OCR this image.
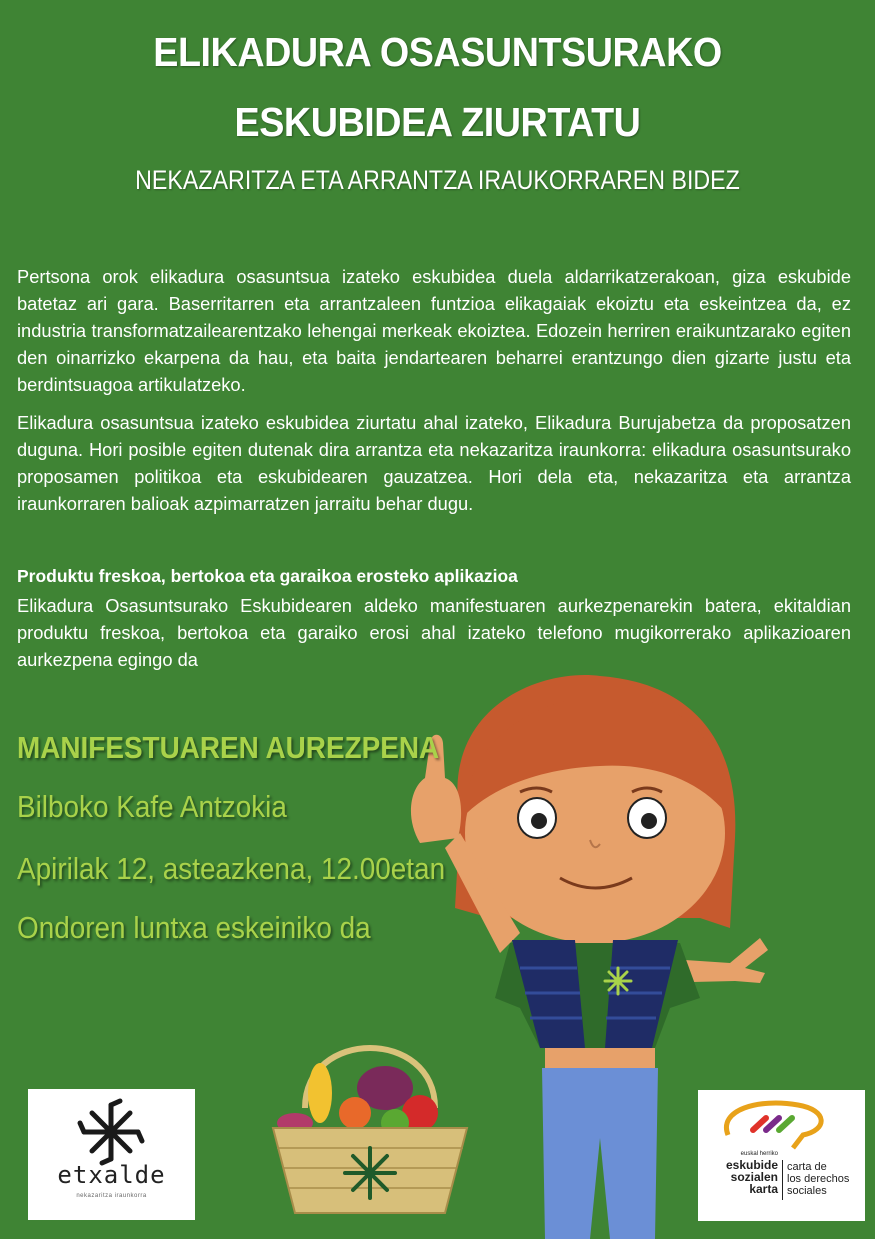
ELIKADURA OSASUNTSURAKO
ESKUBIDEA ZIURTATU
NEKAZARITZA ETA ARRANTZA IRAUKORRAREN BIDEZ
Pertsona orok elikadura osasuntsua izateko eskubidea duela aldarrikatzerakoan, giza eskubide batetaz ari gara. Baserritarren eta arrantzaleen funtzioa elikagaiak ekoiztu eta eskeintzea da, ez industria transformatzailearentzako lehengai merkeak ekoiztea. Edozein herriren eraikuntzarako egiten den oinarrizko ekarpena da hau, eta baita jendartearen beharrei erantzungo dien gizarte justu eta berdintsuagoa artikulatzeko.
Elikadura osasuntsua izateko eskubidea ziurtatu ahal izateko, Elikadura Burujabetza da proposatzen duguna. Hori posible egiten dutenak dira arrantza eta nekazaritza iraunkorra: elikadura osasuntsurako proposamen politikoa eta eskubidearen gauzatzea. Hori dela eta, nekazaritza eta arrantza iraunkorraren balioak azpimarratzen jarraitu behar dugu.
Produktu freskoa, bertokoa eta garaikoa erosteko aplikazioa
Elikadura Osasuntsurako Eskubidearen aldeko manifestuaren aurkezpenarekin batera, ekitaldian produktu freskoa, bertokoa eta garaiko erosi ahal izateko telefono mugikorrerako aplikazioaren aurkezpena egingo da
MANIFESTUAREN AUREZPENA
Bilboko Kafe Antzokia
Apirilak 12, asteazkena, 12.00etan
Ondoren luntxa eskeiniko da
etxalde
nekazaritza iraunkorra
euskal herriko
eskubide
sozialen
karta
carta de
los derechos
sociales
